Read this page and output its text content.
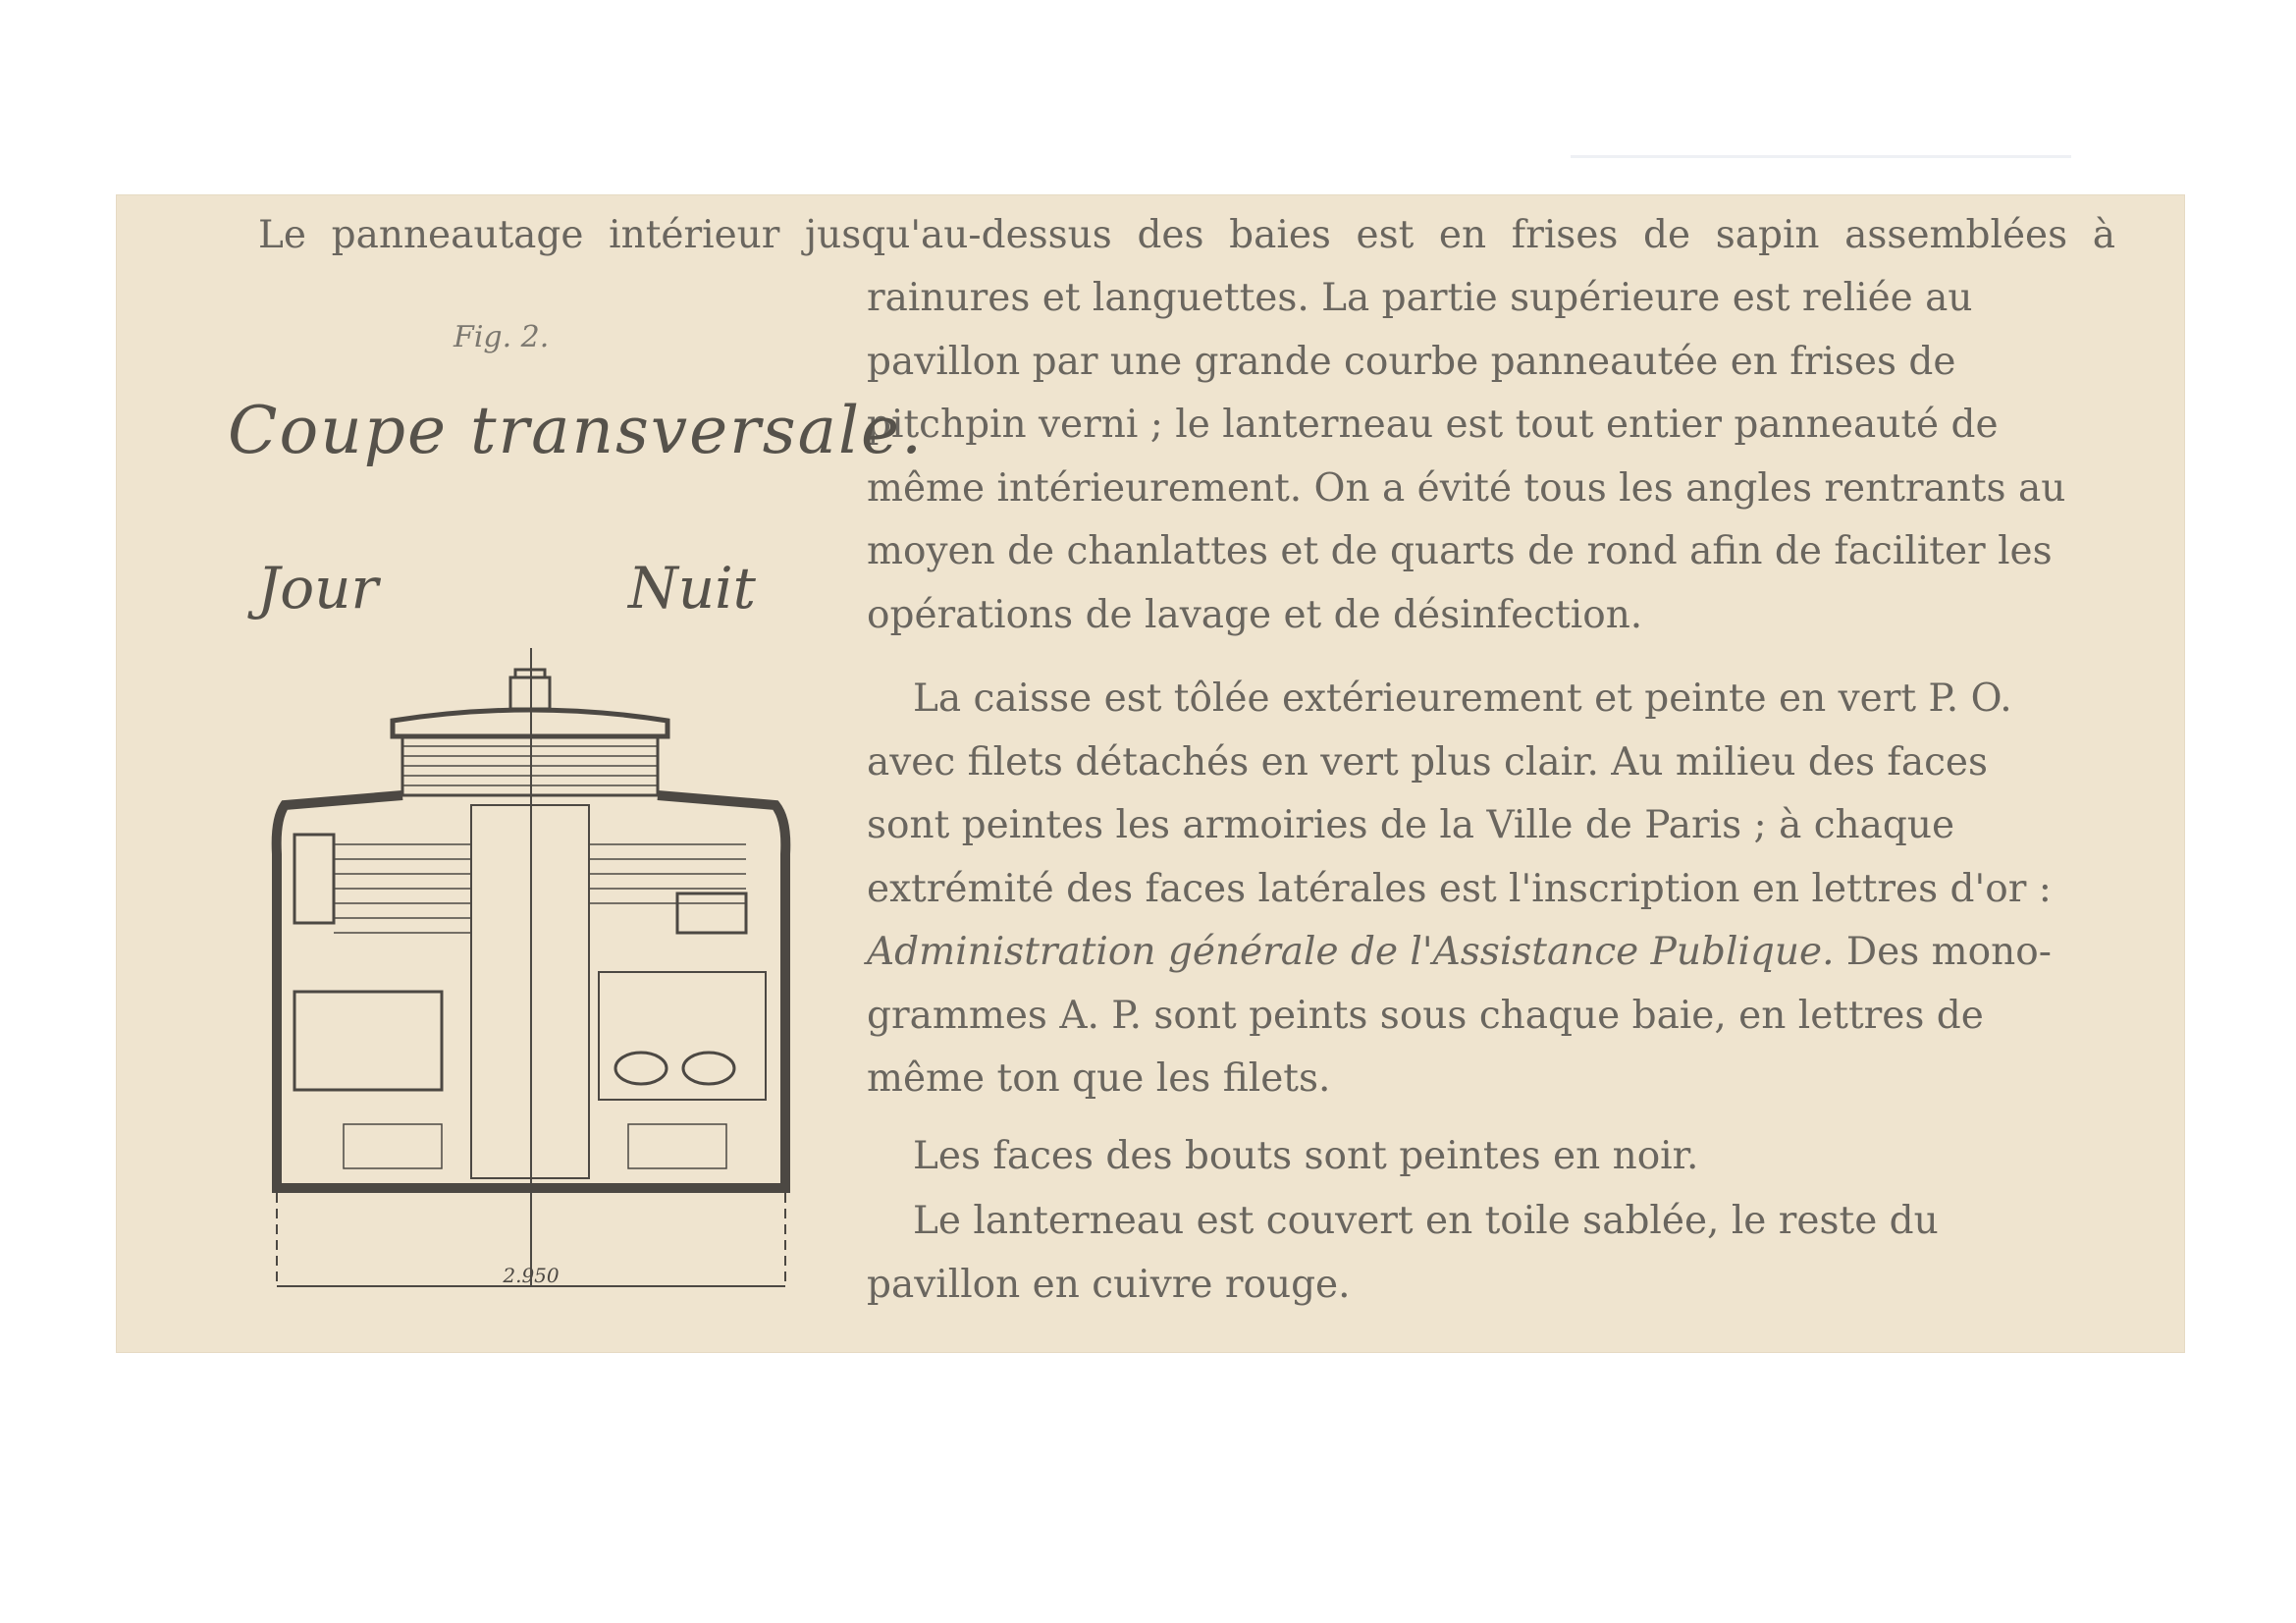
Le panneautage intérieur jusqu'au-dessus des baies est en frises de sapin assemblées à

rainures et languettes. La partie supérieure est reliée au

pavillon par une grande courbe panneautée en frises de

pitchpin verni ; le lanterneau est tout entier panneauté de

même intérieurement. On a évité tous les angles rentrants au

moyen de chanlattes et de quarts de rond afin de faciliter les

opérations de lavage et de désinfection.

La caisse est tôlée extérieurement et peinte en vert P. O.

avec filets détachés en vert plus clair. Au milieu des faces

sont peintes les armoiries de la Ville de Paris ; à chaque

extrémité des faces latérales est l'inscription en lettres d'or :

Administration générale de l'Assistance Publique. Des mono-

grammes A. P. sont peints sous chaque baie, en lettres de

même ton que les filets.

Les faces des bouts sont peintes en noir.

Le lanterneau est couvert en toile sablée, le reste du

pavillon en cuivre rouge.

Fig. 2.
Coupe transversale.
Jour	Nuit
2.950
